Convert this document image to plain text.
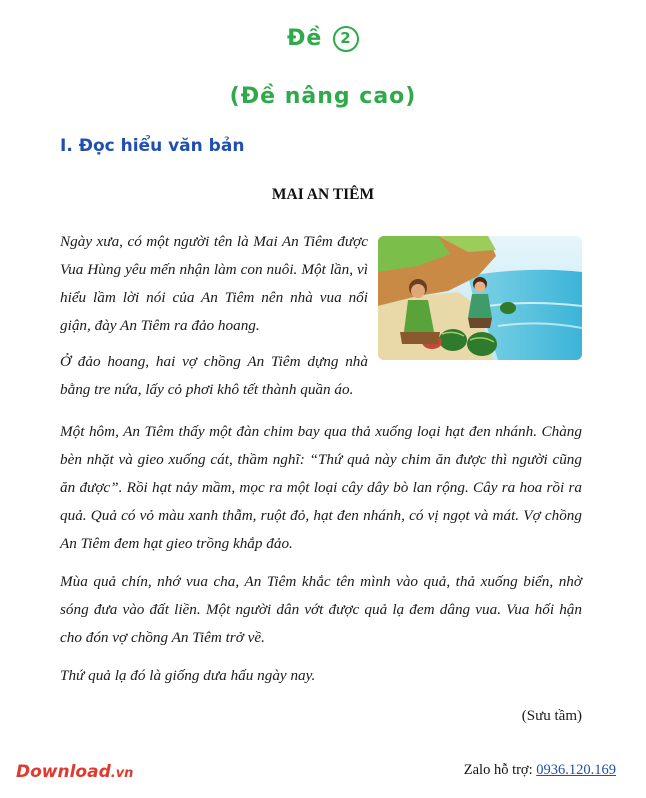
Đề 2
(Đề nâng cao)
I. Đọc hiểu văn bản
MAI AN TIÊM

Ngày xưa, có một người tên là Mai An Tiêm được Vua Hùng yêu mến nhận làm con nuôi. Một lần, vì hiểu lầm lời nói của An Tiêm nên nhà vua nổi giận, đày An Tiêm ra đảo hoang.

Ở đảo hoang, hai vợ chồng An Tiêm dựng nhà bằng tre nứa, lấy cỏ phơi khô tết thành quần áo.

Một hôm, An Tiêm thấy một đàn chim bay qua thả xuống loại hạt đen nhánh. Chàng bèn nhặt và gieo xuống cát, thầm nghĩ: “Thứ quả này chim ăn được thì người cũng ăn được”. Rồi hạt nảy mầm, mọc ra một loại cây dây bò lan rộng. Cây ra hoa rồi ra quả. Quả có vỏ màu xanh thẫm, ruột đỏ, hạt đen nhánh, có vị ngọt và mát. Vợ chồng An Tiêm đem hạt gieo trồng khắp đảo.

Mùa quả chín, nhớ vua cha, An Tiêm khắc tên mình vào quả, thả xuống biển, nhờ sóng đưa vào đất liền. Một người dân vớt được quả lạ đem dâng vua. Vua hối hận cho đón vợ chồng An Tiêm trở về.

Thứ quả lạ đó là giống dưa hấu ngày nay.

(Sưu tầm)
Download.vn	Zalo hỗ trợ: 0936.120.169
